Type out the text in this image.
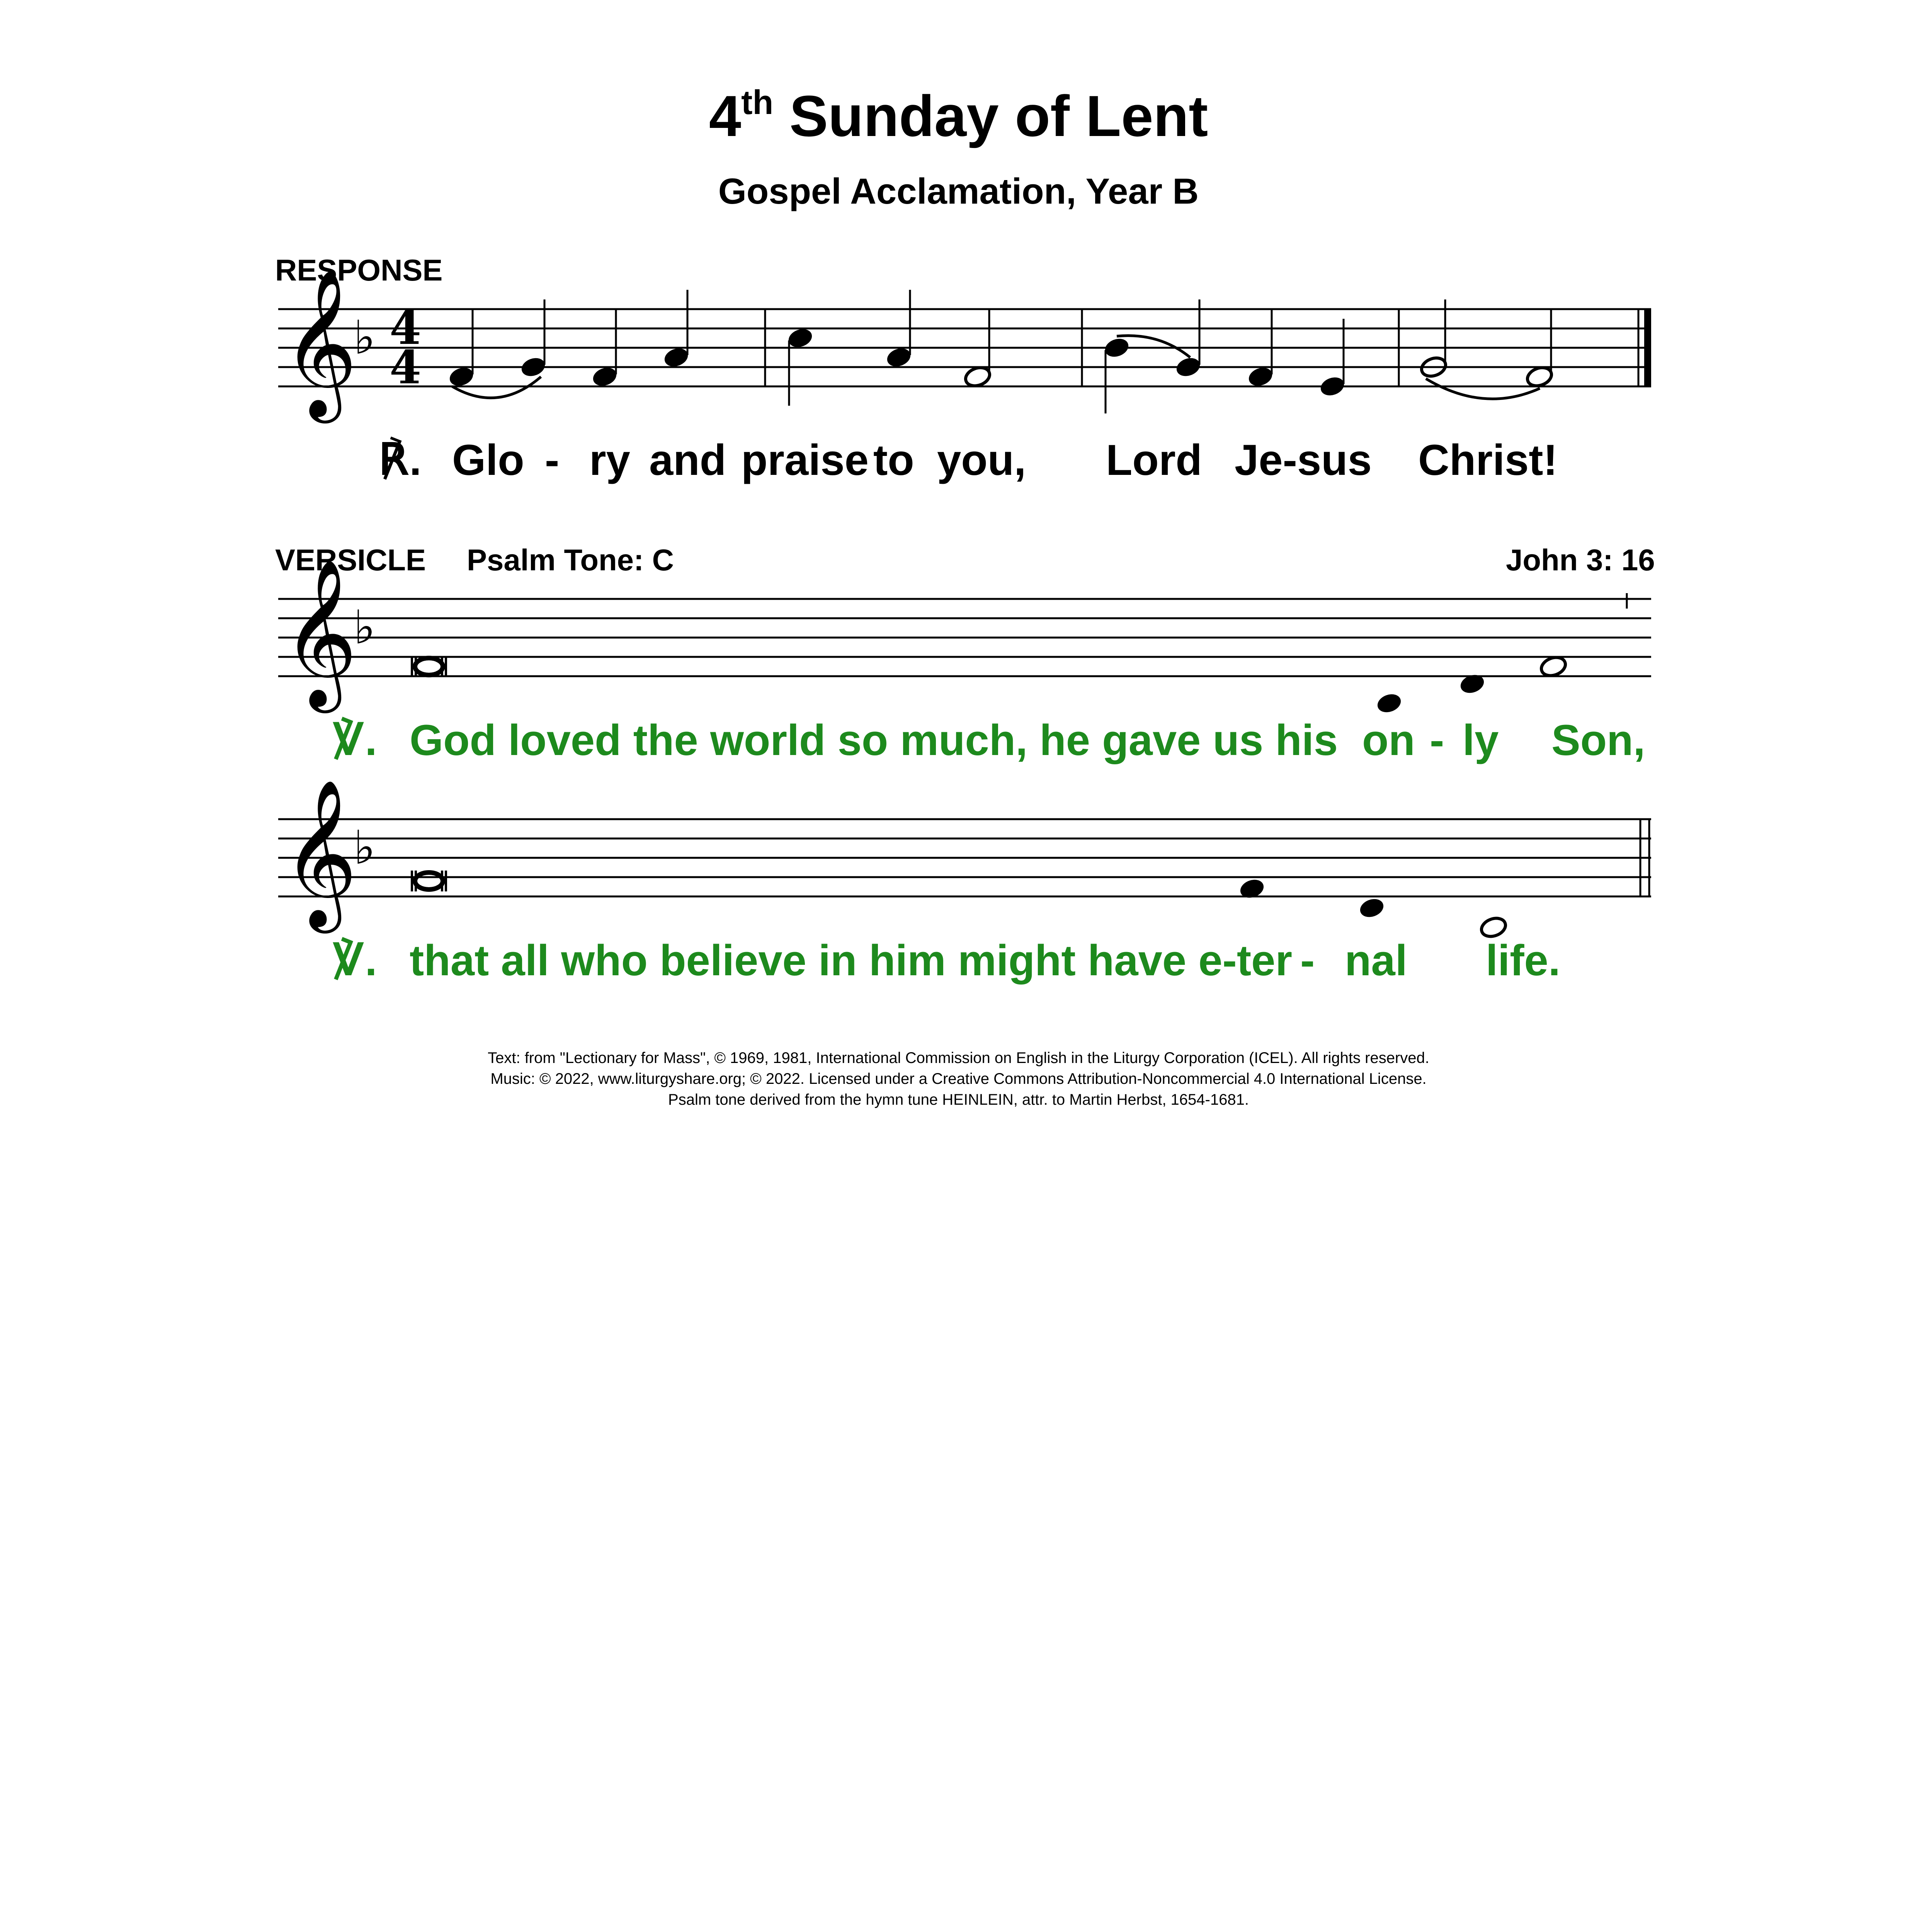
4th Sunday of Lent
Gospel Acclamation, Year B
RESPONSE
𝄞
♭ 4
4
℟. Glo - ry and praise to you, Lord Je-sus Christ!
VERSICLE Psalm Tone: C	John 3: 16
𝄞
♭
℣. God loved the world so much, he gave us his on - ly Son,
𝄞
♭
℣. that all who believe in him might have e-ter - nal life.
Text: from "Lectionary for Mass", © 1969, 1981, International Commission on English in the Liturgy Corporation (ICEL). All rights reserved.
Music: © 2022, www.liturgyshare.org; © 2022. Licensed under a Creative Commons Attribution-Noncommercial 4.0 International License.
Psalm tone derived from the hymn tune HEINLEIN, attr. to Martin Herbst, 1654-1681.
